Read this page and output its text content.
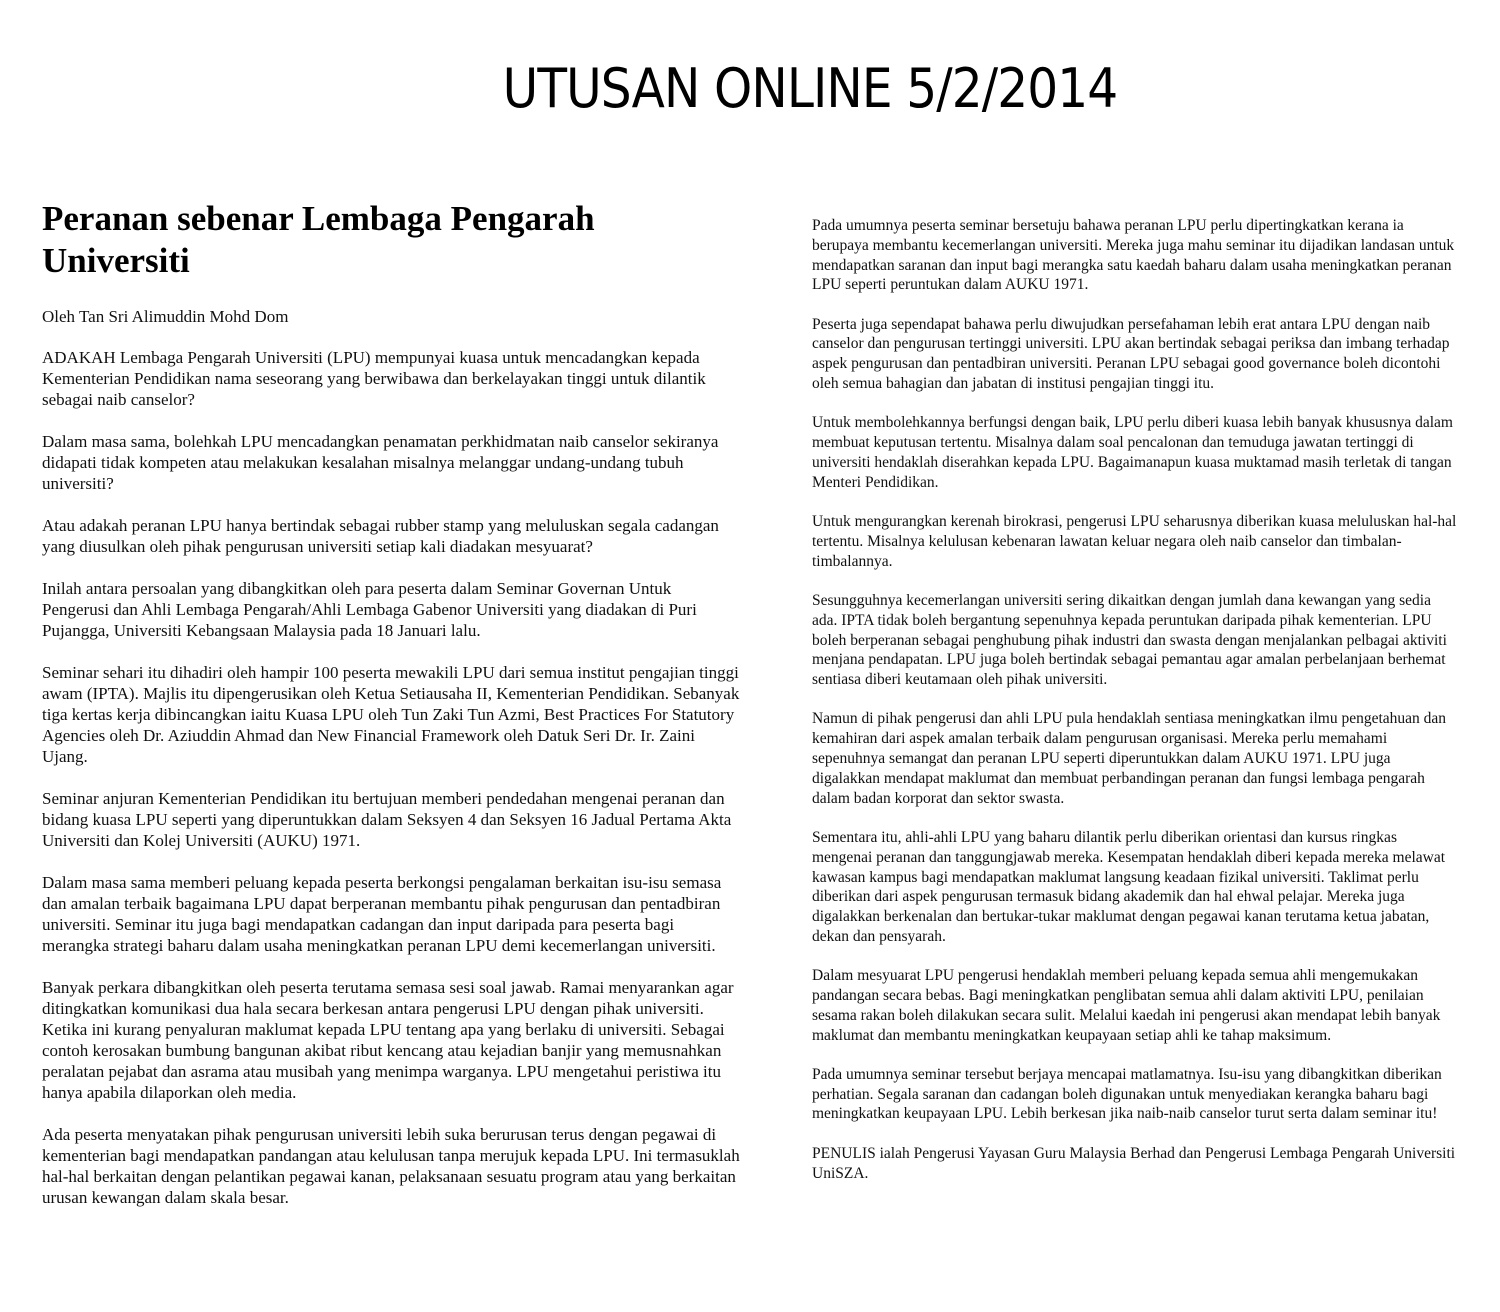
UTUSAN ONLINE 5/2/2014
Peranan sebenar Lembaga Pengarah Universiti

Oleh Tan Sri Alimuddin Mohd Dom

ADAKAH Lembaga Pengarah Universiti (LPU) mempunyai kuasa untuk mencadangkan kepada Kementerian Pendidikan nama seseorang yang berwibawa dan berkelayakan tinggi untuk dilantik sebagai naib canselor?

Dalam masa sama, bolehkah LPU mencadangkan penamatan perkhidmatan naib canselor sekiranya didapati tidak kompeten atau melakukan kesalahan misalnya melanggar undang-undang tubuh universiti?

Atau adakah peranan LPU hanya bertindak sebagai rubber stamp yang meluluskan segala cadangan yang diusulkan oleh pihak pengurusan universiti setiap kali diadakan mesyuarat?

Inilah antara persoalan yang dibangkitkan oleh para peserta dalam Seminar Governan Untuk Pengerusi dan Ahli Lembaga Pengarah/Ahli Lembaga Gabenor Universiti yang diadakan di Puri Pujangga, Universiti Kebangsaan Malaysia pada 18 Januari lalu.

Seminar sehari itu dihadiri oleh hampir 100 peserta mewakili LPU dari semua institut pengajian tinggi awam (IPTA). Majlis itu dipengerusikan oleh Ketua Setiausaha II, Kementerian Pendidikan. Sebanyak tiga kertas kerja dibincangkan iaitu Kuasa LPU oleh Tun Zaki Tun Azmi, Best Practices For Statutory Agencies oleh Dr. Aziuddin Ahmad dan New Financial Framework oleh Datuk Seri Dr. Ir. Zaini Ujang.

Seminar anjuran Kementerian Pendidikan itu bertujuan memberi pendedahan mengenai peranan dan bidang kuasa LPU seperti yang diperuntukkan dalam Seksyen 4 dan Seksyen 16 Jadual Pertama Akta Universiti dan Kolej Universiti (AUKU) 1971.

Dalam masa sama memberi peluang kepada peserta berkongsi pengalaman berkaitan isu-isu semasa dan amalan terbaik bagaimana LPU dapat berperanan membantu pihak pengurusan dan pentadbiran universiti. Seminar itu juga bagi mendapatkan cadangan dan input daripada para peserta bagi merangka strategi baharu dalam usaha meningkatkan peranan LPU demi kecemerlangan universiti.

Banyak perkara dibangkitkan oleh peserta terutama semasa sesi soal jawab. Ramai menyarankan agar ditingkatkan komunikasi dua hala secara berkesan antara pengerusi LPU dengan pihak universiti. Ketika ini kurang penyaluran maklumat kepada LPU tentang apa yang berlaku di universiti. Sebagai contoh kerosakan bumbung bangunan akibat ribut kencang atau kejadian banjir yang memusnahkan peralatan pejabat dan asrama atau musibah yang menimpa warganya. LPU mengetahui peristiwa itu hanya apabila dilaporkan oleh media.

Ada peserta menyatakan pihak pengurusan universiti lebih suka berurusan terus dengan pegawai di kementerian bagi mendapatkan pandangan atau kelulusan tanpa merujuk kepada LPU. Ini termasuklah hal-hal berkaitan dengan pelantikan pegawai kanan, pelaksanaan sesuatu program atau yang berkaitan urusan kewangan dalam skala besar.

Pada umumnya peserta seminar bersetuju bahawa peranan LPU perlu dipertingkatkan kerana ia berupaya membantu kecemerlangan universiti. Mereka juga mahu seminar itu dijadikan landasan untuk mendapatkan saranan dan input bagi merangka satu kaedah baharu dalam usaha meningkatkan peranan LPU seperti peruntukan dalam AUKU 1971.

Peserta juga sependapat bahawa perlu diwujudkan persefahaman lebih erat antara LPU dengan naib canselor dan pengurusan tertinggi universiti. LPU akan bertindak sebagai periksa dan imbang terhadap aspek pengurusan dan pentadbiran universiti. Peranan LPU sebagai good governance boleh dicontohi oleh semua bahagian dan jabatan di institusi pengajian tinggi itu.

Untuk membolehkannya berfungsi dengan baik, LPU perlu diberi kuasa lebih banyak khususnya dalam membuat keputusan tertentu. Misalnya dalam soal pencalonan dan temuduga jawatan tertinggi di universiti hendaklah diserahkan kepada LPU. Bagaimanapun kuasa muktamad masih terletak di tangan Menteri Pendidikan.

Untuk mengurangkan kerenah birokrasi, pengerusi LPU seharusnya diberikan kuasa meluluskan hal-hal tertentu. Misalnya kelulusan kebenaran lawatan keluar negara oleh naib canselor dan timbalan-timbalannya.

Sesungguhnya kecemerlangan universiti sering dikaitkan dengan jumlah dana kewangan yang sedia ada. IPTA tidak boleh bergantung sepenuhnya kepada peruntukan daripada pihak kementerian. LPU boleh berperanan sebagai penghubung pihak industri dan swasta dengan menjalankan pelbagai aktiviti menjana pendapatan. LPU juga boleh bertindak sebagai pemantau agar amalan perbelanjaan berhemat sentiasa diberi keutamaan oleh pihak universiti.

Namun di pihak pengerusi dan ahli LPU pula hendaklah sentiasa meningkatkan ilmu pengetahuan dan kemahiran dari aspek amalan terbaik dalam pengurusan organisasi. Mereka perlu memahami sepenuhnya semangat dan peranan LPU seperti diperuntukkan dalam AUKU 1971. LPU juga digalakkan mendapat maklumat dan membuat perbandingan peranan dan fungsi lembaga pengarah dalam badan korporat dan sektor swasta.

Sementara itu, ahli-ahli LPU yang baharu dilantik perlu diberikan orientasi dan kursus ringkas mengenai peranan dan tanggungjawab mereka. Kesempatan hendaklah diberi kepada mereka melawat kawasan kampus bagi mendapatkan maklumat langsung keadaan fizikal universiti. Taklimat perlu diberikan dari aspek pengurusan termasuk bidang akademik dan hal ehwal pelajar. Mereka juga digalakkan berkenalan dan bertukar-tukar maklumat dengan pegawai kanan terutama ketua jabatan, dekan dan pensyarah.

Dalam mesyuarat LPU pengerusi hendaklah memberi peluang kepada semua ahli mengemukakan pandangan secara bebas. Bagi meningkatkan penglibatan semua ahli dalam aktiviti LPU, penilaian sesama rakan boleh dilakukan secara sulit. Melalui kaedah ini pengerusi akan mendapat lebih banyak maklumat dan membantu meningkatkan keupayaan setiap ahli ke tahap maksimum.

Pada umumnya seminar tersebut berjaya mencapai matlamatnya. Isu-isu yang dibangkitkan diberikan perhatian. Segala saranan dan cadangan boleh digunakan untuk menyediakan kerangka baharu bagi meningkatkan keupayaan LPU. Lebih berkesan jika naib-naib canselor turut serta dalam seminar itu!

PENULIS ialah Pengerusi Yayasan Guru Malaysia Berhad dan Pengerusi Lembaga Pengarah Universiti UniSZA.
